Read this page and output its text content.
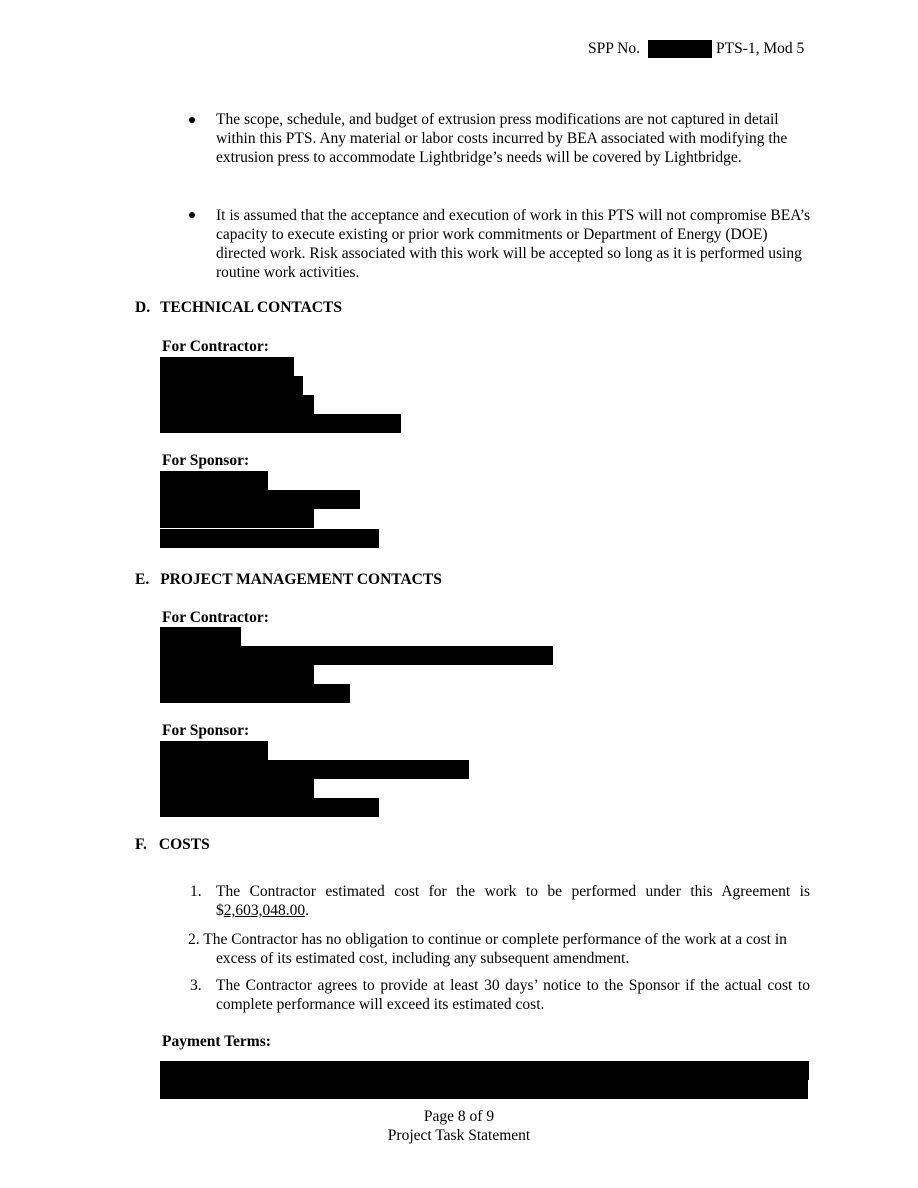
SPP No.	PTS-1, Mod 5
The scope, schedule, and budget of extrusion press modifications are not captured in detail within this PTS. Any material or labor costs incurred by BEA associated with modifying the extrusion press to accommodate Lightbridge’s needs will be covered by Lightbridge.
It is assumed that the acceptance and execution of work in this PTS will not compromise BEA’s capacity to execute existing or prior work commitments or Department of Energy (DOE) directed work. Risk associated with this work will be accepted so long as it is performed using routine work activities.
D. TECHNICAL CONTACTS
For Contractor:
For Sponsor:
E. PROJECT MANAGEMENT CONTACTS
For Contractor:
For Sponsor:
F. COSTS
1. The Contractor estimated cost for the work to be performed under this Agreement is $2,603,048.00.
2. The Contractor has no obligation to continue or complete performance of the work at a cost in excess of its estimated cost, including any subsequent amendment.
3. The Contractor agrees to provide at least 30 days’ notice to the Sponsor if the actual cost to complete performance will exceed its estimated cost.
Payment Terms:
Page 8 of 9
Project Task Statement
